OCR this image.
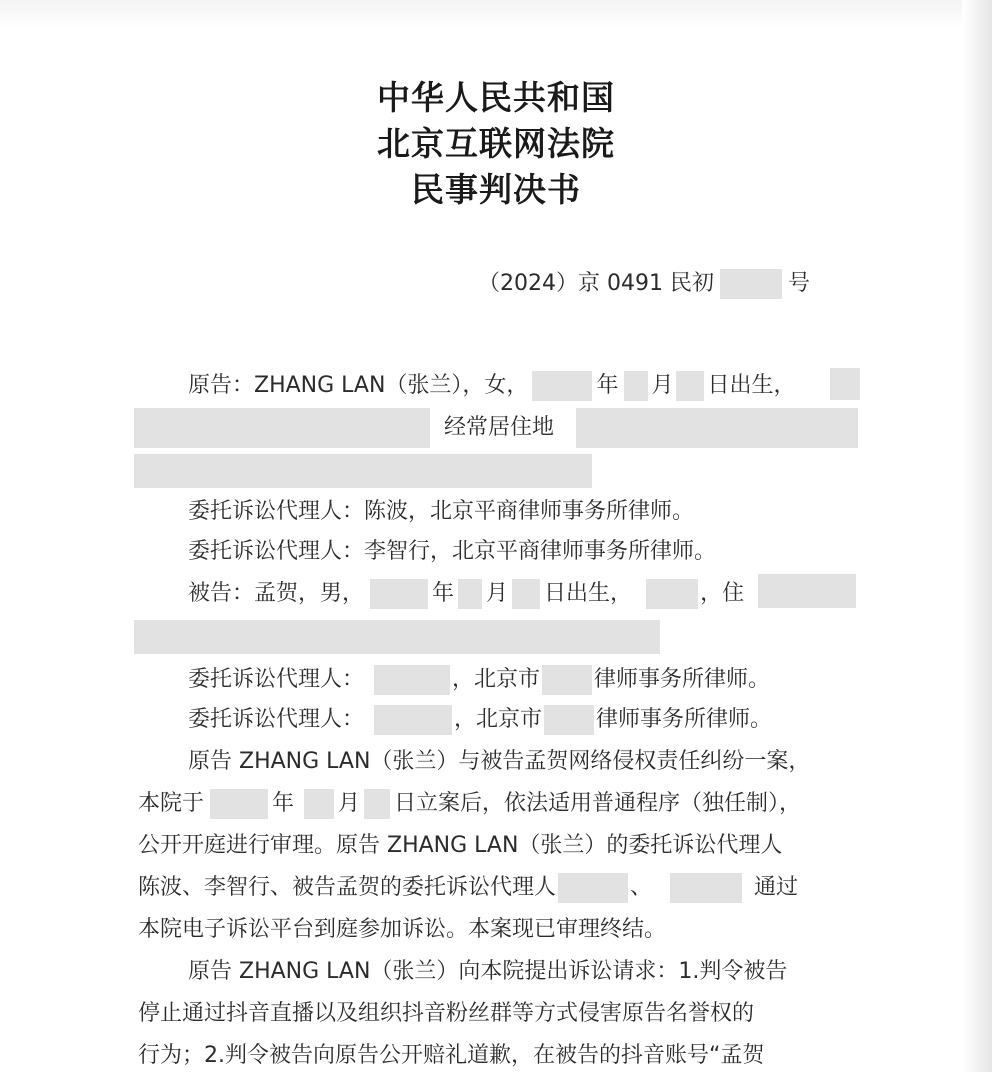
中华人民共和国
北京互联网法院
民事判决书
（2024）京 0491 民初	号
原告：ZHANG LAN（张兰），女，	年 月 日出生，
经常居住地
委托诉讼代理人：陈波，北京平商律师事务所律师。
委托诉讼代理人：李智行，北京平商律师事务所律师。
被告：孟贺，男，	年 月 日出生，	，住
委托诉讼代理人：	，北京市 律师事务所律师。
委托诉讼代理人：	，北京市 律师事务所律师。
原告 ZHANG LAN（张兰）与被告孟贺网络侵权责任纠纷一案，
本院于	年 月 日立案后，依法适用普通程序（独任制），
公开开庭进行审理。原告 ZHANG LAN（张兰）的委托诉讼代理人
陈波、李智行、被告孟贺的委托诉讼代理人	、	通过
本院电子诉讼平台到庭参加诉讼。本案现已审理终结。
原告 ZHANG LAN（张兰）向本院提出诉讼请求：1.判令被告
停止通过抖音直播以及组织抖音粉丝群等方式侵害原告名誉权的
行为；2.判令被告向原告公开赔礼道歉，在被告的抖音账号“孟贺
